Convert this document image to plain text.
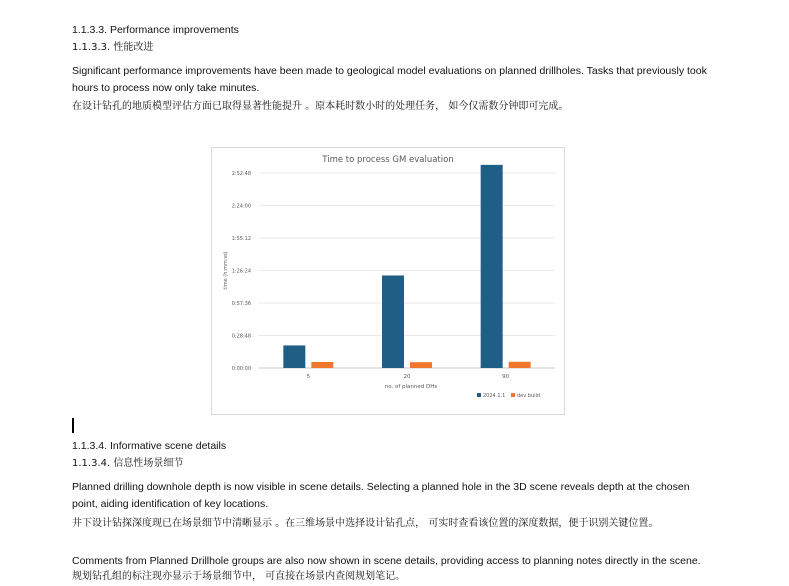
1.1.3.3. Performance improvements

1.1.3.3. 性能改进

Significant performance improvements have been made to geological model evaluations on planned drillholes. Tasks that previously took hours to process now only take minutes.

在设计钻孔的地质模型评估方面已取得显著性能提升 。原本耗时数小时的处理任务， 如今仅需数分钟即可完成。

Time to process GM evaluation
0:00:00
0:28:48
0:57:36
1:26:24
1:55:12
2:24:00
2:52:48
5	20	90
no. of planned DHs
time (h:mm:ss)
2024.1.1 dev build

1.1.3.4. Informative scene details

1.1.3.4. 信息性场景细节

Planned drilling downhole depth is now visible in scene details. Selecting a planned hole in the 3D scene reveals depth at the chosen point, aiding identification of key locations.

井下设计钻探深度现已在场景细节中清晰显示 。在三维场景中选择设计钻孔点， 可实时查看该位置的深度数据，便于识别关键位置。

Comments from Planned Drillhole groups are also now shown in scene details, providing access to planning notes directly in the scene.

规划钻孔组的标注现亦显示于场景细节中， 可直接在场景内查阅规划笔记。
